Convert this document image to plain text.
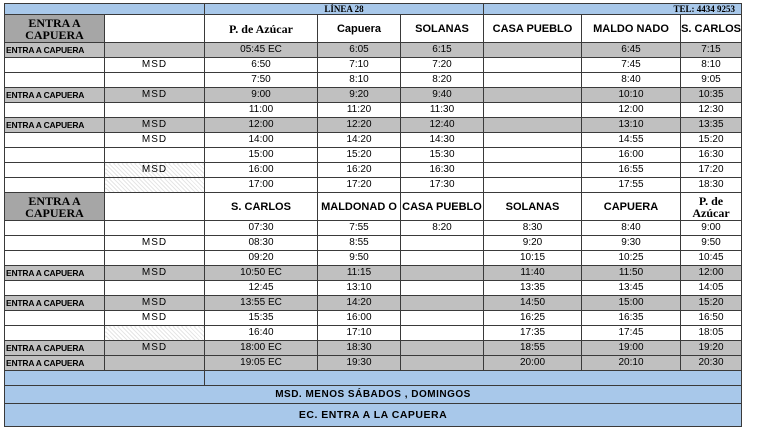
		LÍNEA 28			TEL: 4434 9253		
ENTRA A CAPUERA		P. de Azúcar	Capuera	SOLANAS	CASA PUEBLO	MALDO NADO	S. CARLOS
ENTRA A CAPUERA		05:45 EC	6:05	6:15		6:45	7:15
	MSD	6:50	7:10	7:20		7:45	8:10
		7:50	8:10	8:20		8:40	9:05
ENTRA A CAPUERA	MSD	9:00	9:20	9:40		10:10	10:35
		11:00	11:20	11:30		12:00	12:30
ENTRA A CAPUERA	MSD	12:00	12:20	12:40		13:10	13:35
	MSD	14:00	14:20	14:30		14:55	15:20
		15:00	15:20	15:30		16:00	16:30
	MSD	16:00	16:20	16:30		16:55	17:20
		17:00	17:20	17:30		17:55	18:30
ENTRA A CAPUERA		S. CARLOS	MALDONAD O	CASA PUEBLO	SOLANAS	CAPUERA	P. de Azúcar
		07:30	7:55	8:20	8:30	8:40	9:00
	MSD	08:30	8:55		9:20	9:30	9:50
		09:20	9:50		10:15	10:25	10:45
ENTRA A CAPUERA	MSD	10:50 EC	11:15		11:40	11:50	12:00
		12:45	13:10		13:35	13:45	14:05
ENTRA A CAPUERA	MSD	13:55 EC	14:20		14:50	15:00	15:20
	MSD	15:35	16:00		16:25	16:35	16:50
		16:40	17:10		17:35	17:45	18:05
ENTRA A CAPUERA	MSD	18:00 EC	18:30		18:55	19:00	19:20
ENTRA A CAPUERA		19:05 EC	19:30		20:00	20:10	20:30

MSD. MENOS SÁBADOS , DOMINGOS							
EC. ENTRA A LA CAPUERA							
